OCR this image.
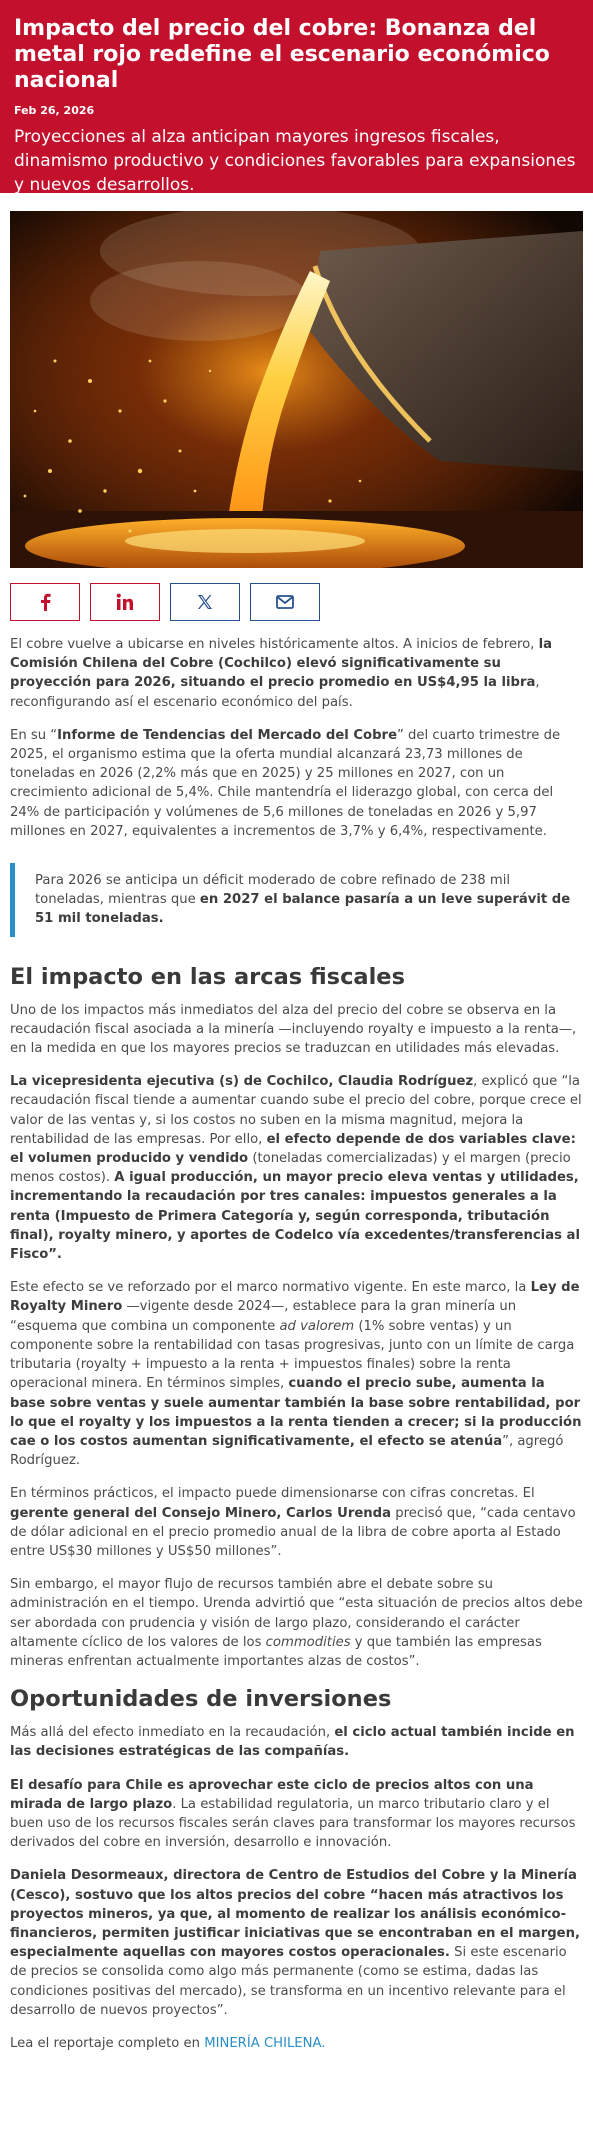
Impacto del precio del cobre: Bonanza del metal rojo redefine el escenario económico nacional
Feb 26, 2026

Proyecciones al alza anticipan mayores ingresos fiscales, dinamismo productivo y condiciones favorables para expansiones y nuevos desarrollos.

El cobre vuelve a ubicarse en niveles históricamente altos. A inicios de febrero, la Comisión Chilena del Cobre (Cochilco) elevó significativamente su proyección para 2026, situando el precio promedio en US$4,95 la libra, reconfigurando así el escenario económico del país.

En su “Informe de Tendencias del Mercado del Cobre” del cuarto trimestre de 2025, el organismo estima que la oferta mundial alcanzará 23,73 millones de toneladas en 2026 (2,2% más que en 2025) y 25 millones en 2027, con un crecimiento adicional de 5,4%. Chile mantendría el liderazgo global, con cerca del 24% de participación y volúmenes de 5,6 millones de toneladas en 2026 y 5,97 millones en 2027, equivalentes a incrementos de 3,7% y 6,4%, respectivamente.

Para 2026 se anticipa un déficit moderado de cobre refinado de 238 mil toneladas, mientras que en 2027 el balance pasaría a un leve superávit de 51 mil toneladas.

El impacto en las arcas fiscales

Uno de los impactos más inmediatos del alza del precio del cobre se observa en la recaudación fiscal asociada a la minería —incluyendo royalty e impuesto a la renta—, en la medida en que los mayores precios se traduzcan en utilidades más elevadas.

La vicepresidenta ejecutiva (s) de Cochilco, Claudia Rodríguez, explicó que “la recaudación fiscal tiende a aumentar cuando sube el precio del cobre, porque crece el valor de las ventas y, si los costos no suben en la misma magnitud, mejora la rentabilidad de las empresas. Por ello, el efecto depende de dos variables clave: el volumen producido y vendido (toneladas comercializadas) y el margen (precio menos costos). A igual producción, un mayor precio eleva ventas y utilidades, incrementando la recaudación por tres canales: impuestos generales a la renta (Impuesto de Primera Categoría y, según corresponda, tributación final), royalty minero, y aportes de Codelco vía excedentes/transferencias al Fisco”.

Este efecto se ve reforzado por el marco normativo vigente. En este marco, la Ley de Royalty Minero —vigente desde 2024—, establece para la gran minería un “esquema que combina un componente ad valorem (1% sobre ventas) y un componente sobre la rentabilidad con tasas progresivas, junto con un límite de carga tributaria (royalty + impuesto a la renta + impuestos finales) sobre la renta operacional minera. En términos simples, cuando el precio sube, aumenta la base sobre ventas y suele aumentar también la base sobre rentabilidad, por lo que el royalty y los impuestos a la renta tienden a crecer; si la producción cae o los costos aumentan significativamente, el efecto se atenúa”, agregó Rodríguez.

En términos prácticos, el impacto puede dimensionarse con cifras concretas. El gerente general del Consejo Minero, Carlos Urenda precisó que, “cada centavo de dólar adicional en el precio promedio anual de la libra de cobre aporta al Estado entre US$30 millones y US$50 millones”.

Sin embargo, el mayor flujo de recursos también abre el debate sobre su administración en el tiempo. Urenda advirtió que “esta situación de precios altos debe ser abordada con prudencia y visión de largo plazo, considerando el carácter altamente cíclico de los valores de los commodities y que también las empresas mineras enfrentan actualmente importantes alzas de costos”.

Oportunidades de inversiones

Más allá del efecto inmediato en la recaudación, el ciclo actual también incide en las decisiones estratégicas de las compañías.

El desafío para Chile es aprovechar este ciclo de precios altos con una mirada de largo plazo. La estabilidad regulatoria, un marco tributario claro y el buen uso de los recursos fiscales serán claves para transformar los mayores recursos derivados del cobre en inversión, desarrollo e innovación.

Daniela Desormeaux, directora de Centro de Estudios del Cobre y la Minería (Cesco), sostuvo que los altos precios del cobre “hacen más atractivos los proyectos mineros, ya que, al momento de realizar los análisis económico-financieros, permiten justificar iniciativas que se encontraban en el margen, especialmente aquellas con mayores costos operacionales. Si este escenario de precios se consolida como algo más permanente (como se estima, dadas las condiciones positivas del mercado), se transforma en un incentivo relevante para el desarrollo de nuevos proyectos”.

Lea el reportaje completo en MINERÍA CHILENA.
